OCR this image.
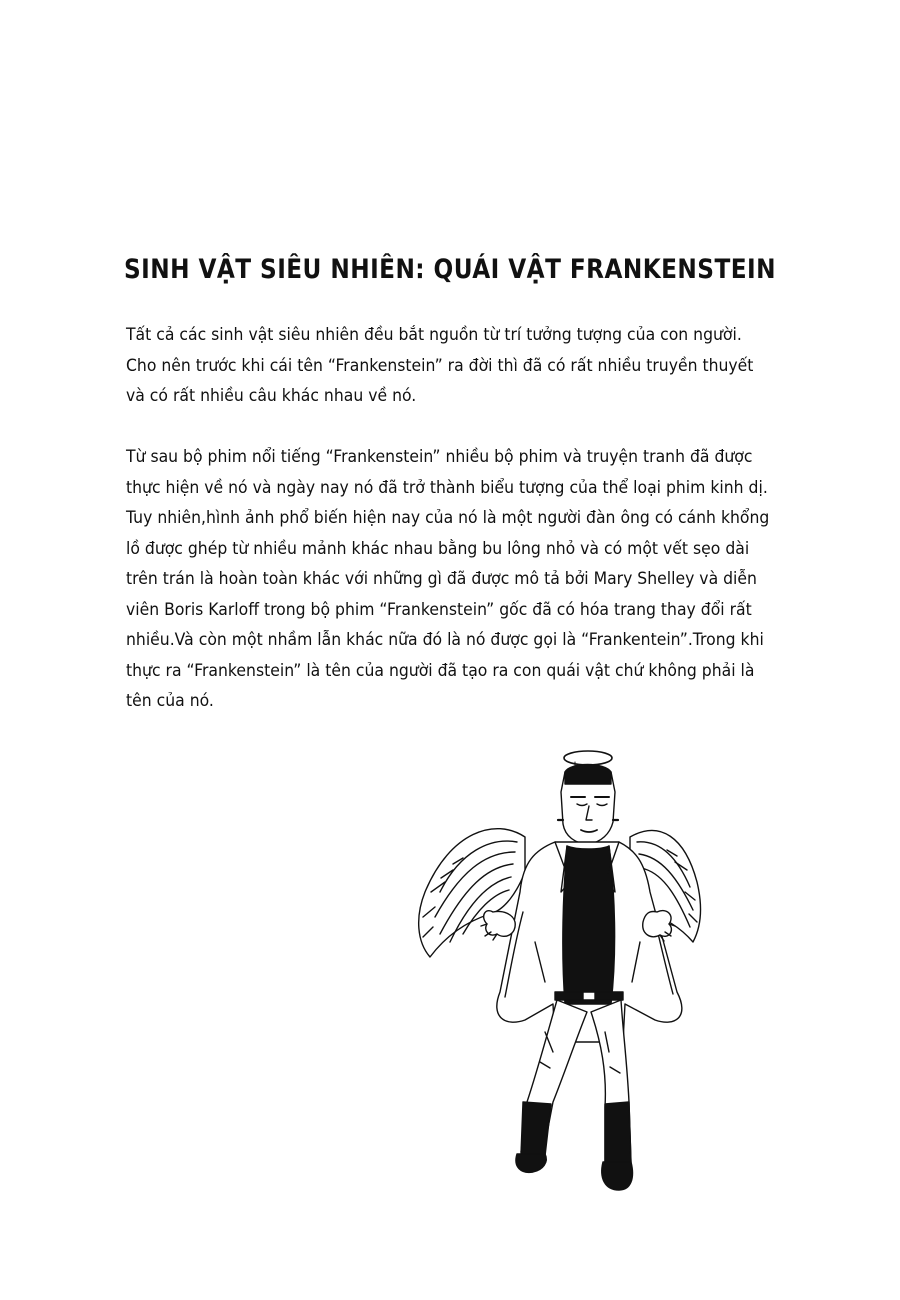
SINH VẬT SIÊU NHIÊN: QUÁI VẬT FRANKENSTEIN
Tất cả các sinh vật siêu nhiên đều bắt nguồn từ trí tưởng tượng của con người.
Cho nên trước khi cái tên “Frankenstein” ra đời thì đã có rất nhiều truyền thuyết
và có rất nhiều câu khác nhau về nó.
Từ sau bộ phim nổi tiếng “Frankenstein” nhiều bộ phim và truyện tranh đã được
thực hiện về nó và ngày nay nó đã trở thành biểu tượng của thể loại phim kinh dị.
Tuy nhiên,hình ảnh phổ biến hiện nay của nó là một người đàn ông có cánh khổng
lồ được ghép từ nhiều mảnh khác nhau bằng bu lông nhỏ và có một vết sẹo dài
trên trán là hoàn toàn khác với những gì đã được mô tả bởi Mary Shelley và diễn
viên Boris Karloff trong bộ phim “Frankenstein” gốc đã có hóa trang thay đổi rất
nhiều.Và còn một nhầm lẫn khác nữa đó là nó được gọi là “Frankentein”.Trong khi
thực ra “Frankenstein” là tên của người đã tạo ra con quái vật chứ không phải là
tên của nó.
